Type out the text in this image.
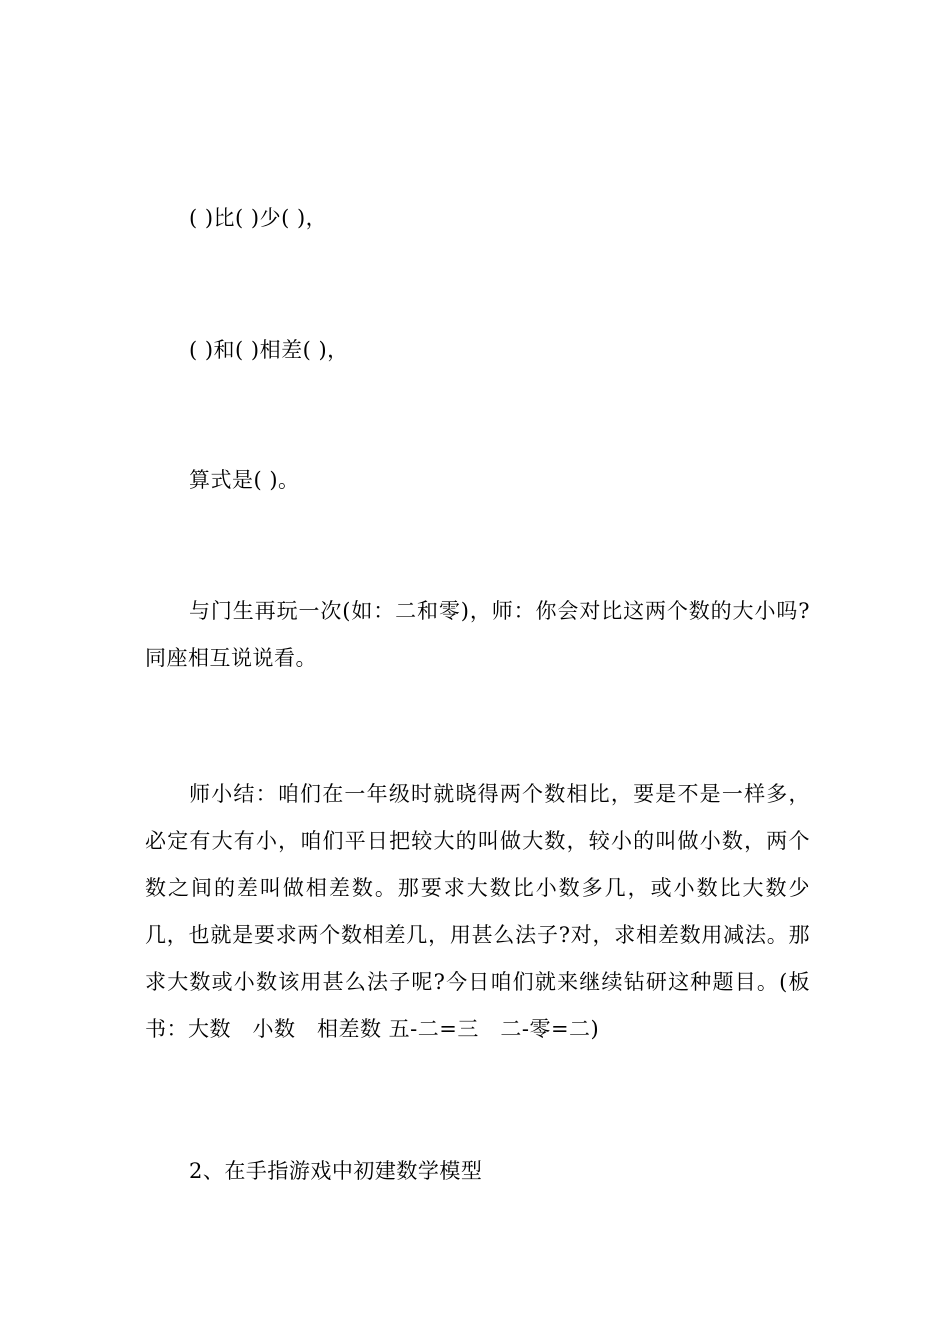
( )比( )少( )，

( )和( )相差( )，

算式是( )。

与门生再玩一次(如：二和零)，师：你会对比这两个数的大小吗?同座相互说说看。

师小结：咱们在一年级时就晓得两个数相比，要是不是一样多，必定有大有小，咱们平日把较大的叫做大数，较小的叫做小数，两个数之间的差叫做相差数。那要求大数比小数多几，或小数比大数少几，也就是要求两个数相差几，用甚么法子?对，求相差数用减法。那求大数或小数该用甚么法子呢?今日咱们就来继续钻研这种题目。(板书：大数　小数　相差数 五-二=三　二-零=二)

2、在手指游戏中初建数学模型
